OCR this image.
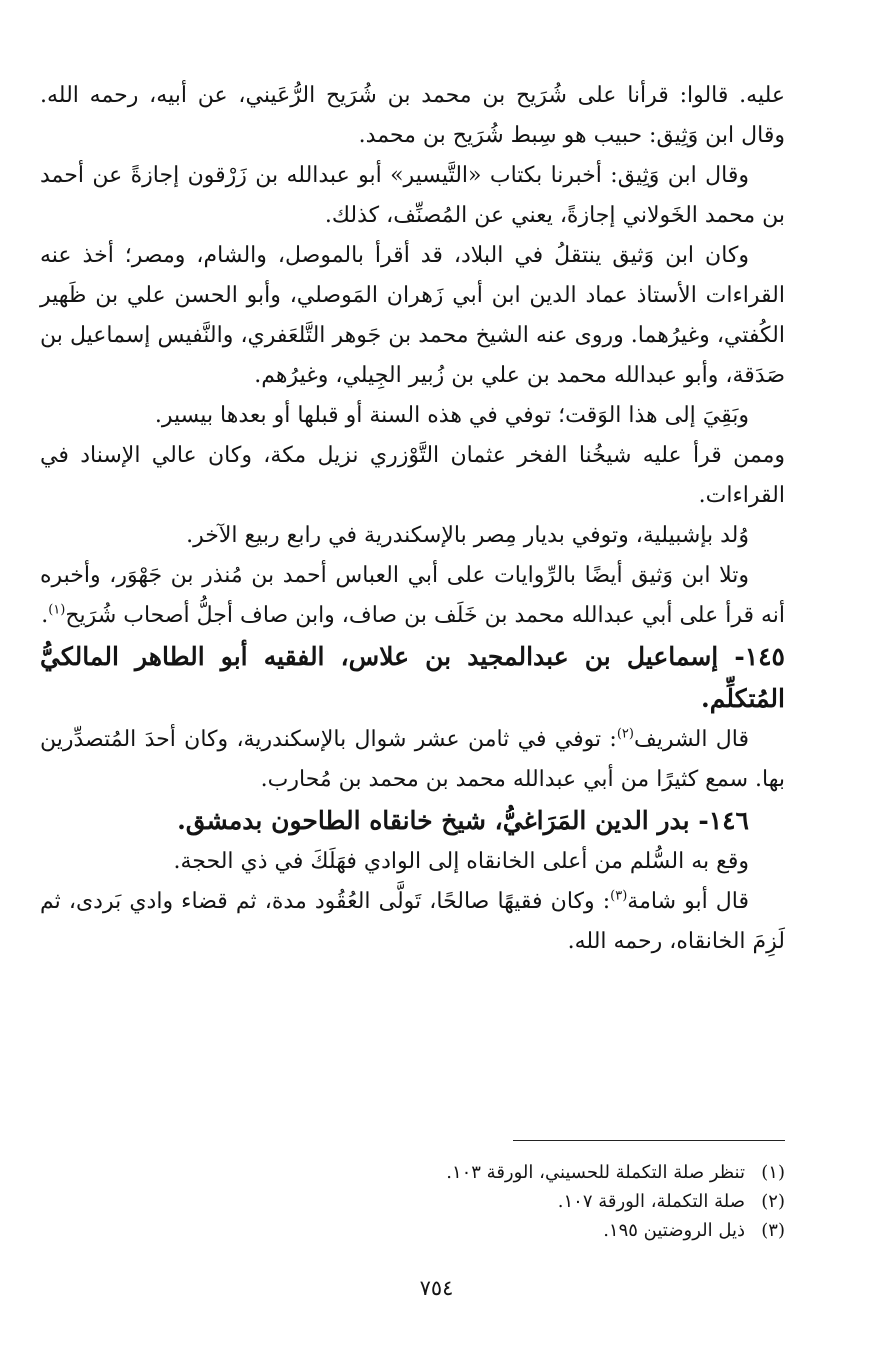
عليه. قالوا: قرأنا على شُرَيح بن محمد بن شُرَيح الرُّعَيني، عن أبيه، رحمه الله. وقال ابن وَثِيق: حبيب هو سِبط شُرَيح بن محمد.

وقال ابن وَثِيق: أخبرنا بكتاب «التَّيسير» أبو عبدالله بن زَرْقون إجازةً عن أحمد بن محمد الخَولاني إجازةً، يعني عن المُصنِّف، كذلك.

وكان ابن وَثيق ينتقلُ في البلاد، قد أقرأ بالموصل، والشام، ومصر؛ أخذ عنه القراءات الأستاذ عماد الدين ابن أبي زَهران المَوصلي، وأبو الحسن علي بن ظَهير الكُفتي، وغيرُهما. وروى عنه الشيخ محمد بن جَوهر التَّلعَفري، والنَّفيس إسماعيل بن صَدَقة، وأبو عبدالله محمد بن علي بن زُبير الجِيلي، وغيرُهم.

وبَقِيَ إلى هذا الوَقت؛ توفي في هذه السنة أو قبلها أو بعدها بيسير.

وممن قرأ عليه شيخُنا الفخر عثمان التَّوْزري نزيل مكة، وكان عالي الإسناد في القراءات.

وُلد بإشبيلية، وتوفي بديار مِصر بالإسكندرية في رابع ربيع الآخر.

وتلا ابن وَثيق أيضًا بالرِّوايات على أبي العباس أحمد بن مُنذر بن جَهْوَر، وأخبره أنه قرأ على أبي عبدالله محمد بن خَلَف بن صاف، وابن صاف أجلُّ أصحاب شُرَيح$^{(١)}$.

١٤٥- إسماعيل بن عبدالمجيد بن علاس، الفقيه أبو الطاهر المالكيُّ المُتكلِّم.

قال الشريف$^{(٢)}$: توفي في ثامن عشر شوال بالإسكندرية، وكان أحدَ المُتصدِّرين بها. سمع كثيرًا من أبي عبدالله محمد بن محمد بن مُحارب.

١٤٦- بدر الدين المَرَاغيُّ، شيخ خانقاه الطاحون بدمشق.

وقع به السُّلم من أعلى الخانقاه إلى الوادي فهَلَكَ في ذي الحجة.

قال أبو شامة$^{(٣)}$: وكان فقيهًا صالحًا، تَولَّى العُقُود مدة، ثم قضاء وادي بَردى، ثم لَزِمَ الخانقاه، رحمه الله.

(١)
تنظر صلة التكملة للحسيني، الورقة ١٠٣.
(٢)
صلة التكملة، الورقة ١٠٧.
(٣)
ذيل الروضتين ١٩٥.
٧٥٤
